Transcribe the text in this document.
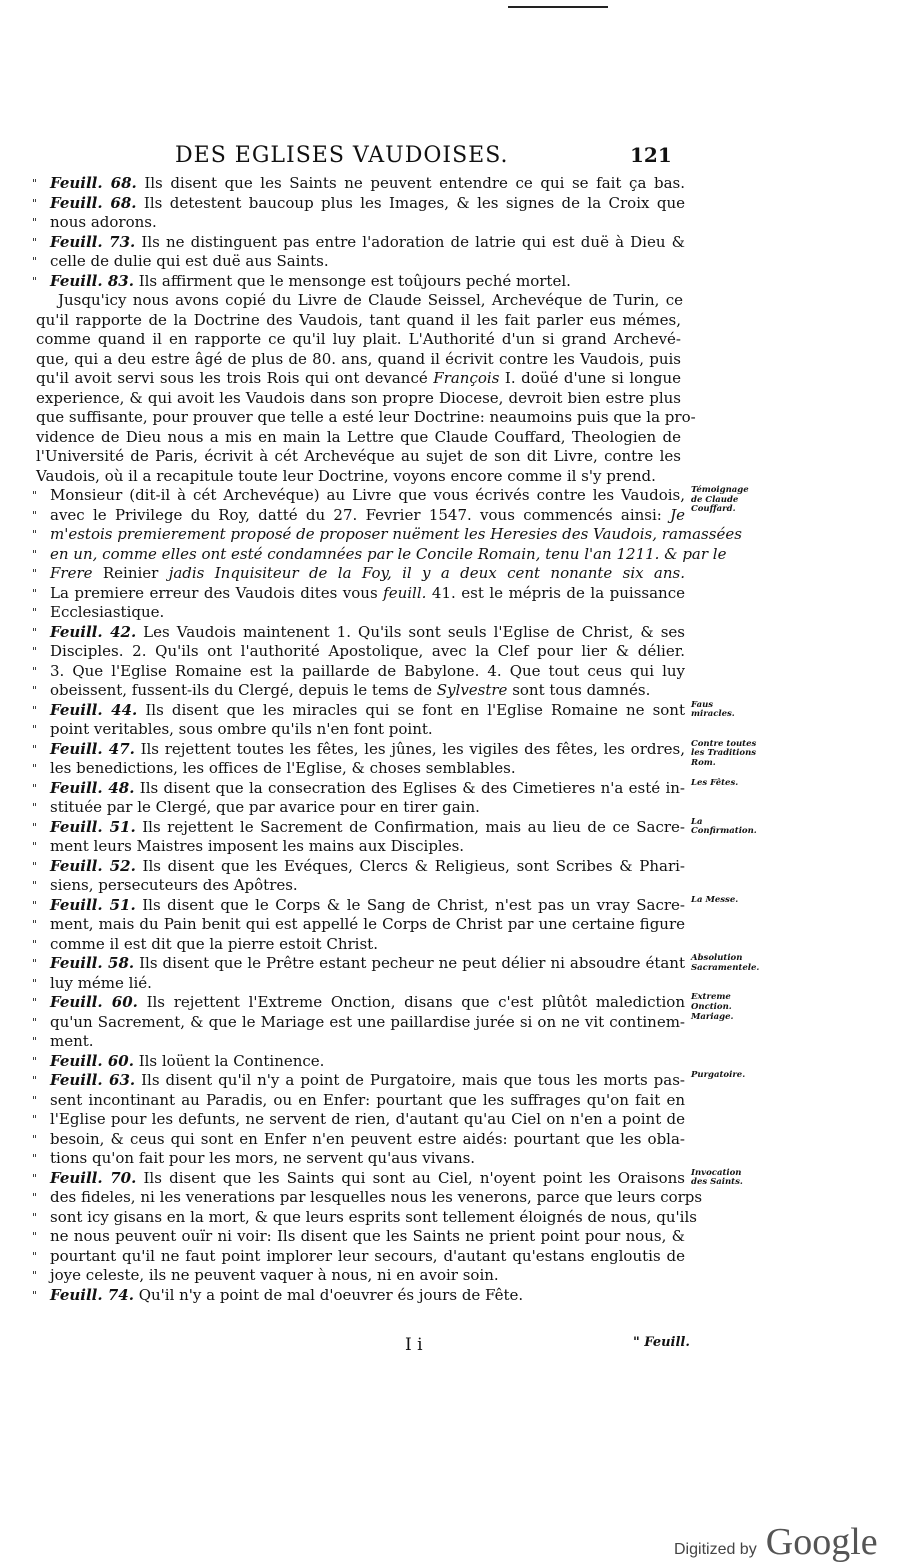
DES EGLISES VAUDOISES.	121
" Feuill. 68. Ils disent que les Saints ne peuvent entendre ce qui se fait ça bas.
" Feuill. 68. Ils detestent baucoup plus les Images, & les signes de la Croix que
" nous adorons.
" Feuill. 73. Ils ne distinguent pas entre l'adoration de latrie qui est duë à Dieu &
" celle de dulie qui est duë aus Saints.
" Feuill. 83. Ils affirment que le mensonge est toûjours peché mortel.
Jusqu'icy nous avons copié du Livre de Claude Seissel, Archevéque de Turin, ce
qu'il rapporte de la Doctrine des Vaudois, tant quand il les fait parler eus mémes,
comme quand il en rapporte ce qu'il luy plait. L'Authorité d'un si grand Archevé-
que, qui a deu estre âgé de plus de 80. ans, quand il écrivit contre les Vaudois, puis
qu'il avoit servi sous les trois Rois qui ont devancé François I. doüé d'une si longue
experience, & qui avoit les Vaudois dans son propre Diocese, devroit bien estre plus
que suffisante, pour prouver que telle a esté leur Doctrine: neaumoins puis que la pro-
vidence de Dieu nous a mis en main la Lettre que Claude Couffard, Theologien de
l'Université de Paris, écrivit à cét Archevéque au sujet de son dit Livre, contre les
Vaudois, où il a recapitule toute leur Doctrine, voyons encore comme il s'y prend.
" Monsieur (dit-il à cét Archevéque) au Livre que vous écrivés contre les Vaudois, Témoignage de Claude Couffard.
" avec le Privilege du Roy, datté du 27. Fevrier 1547. vous commencés ainsi: Je
" m'estois premierement proposé de proposer nuëment les Heresies des Vaudois, ramassées
" en un, comme elles ont esté condamnées par le Concile Romain, tenu l'an 1211. & par le
" Frere Reinier jadis Inquisiteur de la Foy, il y a deux cent nonante six ans.
" La premiere erreur des Vaudois dites vous feuill. 41. est le mépris de la puissance
" Ecclesiastique.
" Feuill. 42. Les Vaudois maintenent 1. Qu'ils sont seuls l'Eglise de Christ, & ses
" Disciples. 2. Qu'ils ont l'authorité Apostolique, avec la Clef pour lier & délier.
" 3. Que l'Eglise Romaine est la paillarde de Babylone. 4. Que tout ceus qui luy
" obeissent, fussent-ils du Clergé, depuis le tems de Sylvestre sont tous damnés.
" Feuill. 44. Ils disent que les miracles qui se font en l'Eglise Romaine ne sont Faus miracles.
" point veritables, sous ombre qu'ils n'en font point.
" Feuill. 47. Ils rejettent toutes les fêtes, les jûnes, les vigiles des fêtes, les ordres, Contre toutes les Traditions Rom.
" les benedictions, les offices de l'Eglise, & choses semblables.
" Feuill. 48. Ils disent que la consecration des Eglises & des Cimetieres n'a esté in- Les Fêtes.
" stituée par le Clergé, que par avarice pour en tirer gain.
" Feuill. 51. Ils rejettent le Sacrement de Confirmation, mais au lieu de ce Sacre- La Confirmation.
" ment leurs Maistres imposent les mains aux Disciples.
" Feuill. 52. Ils disent que les Evéques, Clercs & Religieus, sont Scribes & Phari-
" siens, persecuteurs des Apôtres.
" Feuill. 51. Ils disent que le Corps & le Sang de Christ, n'est pas un vray Sacre- La Messe.
" ment, mais du Pain benit qui est appellé le Corps de Christ par une certaine figure
" comme il est dit que la pierre estoit Christ.
" Feuill. 58. Ils disent que le Prêtre estant pecheur ne peut délier ni absoudre étant Absolution Sacramentele.
" luy méme lié.
" Feuill. 60. Ils rejettent l'Extreme Onction, disans que c'est plûtôt malediction Extreme Onction.
" qu'un Sacrement, & que le Mariage est une paillardise jurée si on ne vit continem- Mariage.
" ment.
" Feuill. 60. Ils loüent la Continence.
" Feuill. 63. Ils disent qu'il n'y a point de Purgatoire, mais que tous les morts pas- Purgatoire.
" sent incontinant au Paradis, ou en Enfer: pourtant que les suffrages qu'on fait en
" l'Eglise pour les defunts, ne servent de rien, d'autant qu'au Ciel on n'en a point de
" besoin, & ceus qui sont en Enfer n'en peuvent estre aidés: pourtant que les obla-
" tions qu'on fait pour les mors, ne servent qu'aus vivans.
" Feuill. 70. Ils disent que les Saints qui sont au Ciel, n'oyent point les Oraisons Invocation des Saints.
" des fideles, ni les venerations par lesquelles nous les venerons, parce que leurs corps
" sont icy gisans en la mort, & que leurs esprits sont tellement éloignés de nous, qu'ils
" ne nous peuvent ouïr ni voir: Ils disent que les Saints ne prient point pour nous, &
" pourtant qu'il ne faut point implorer leur secours, d'autant qu'estans engloutis de
" joye celeste, ils ne peuvent vaquer à nous, ni en avoir soin.
" Feuill. 74. Qu'il n'y a point de mal d'oeuvrer és jours de Fête.
I i	" Feuill.
Digitized by Google
